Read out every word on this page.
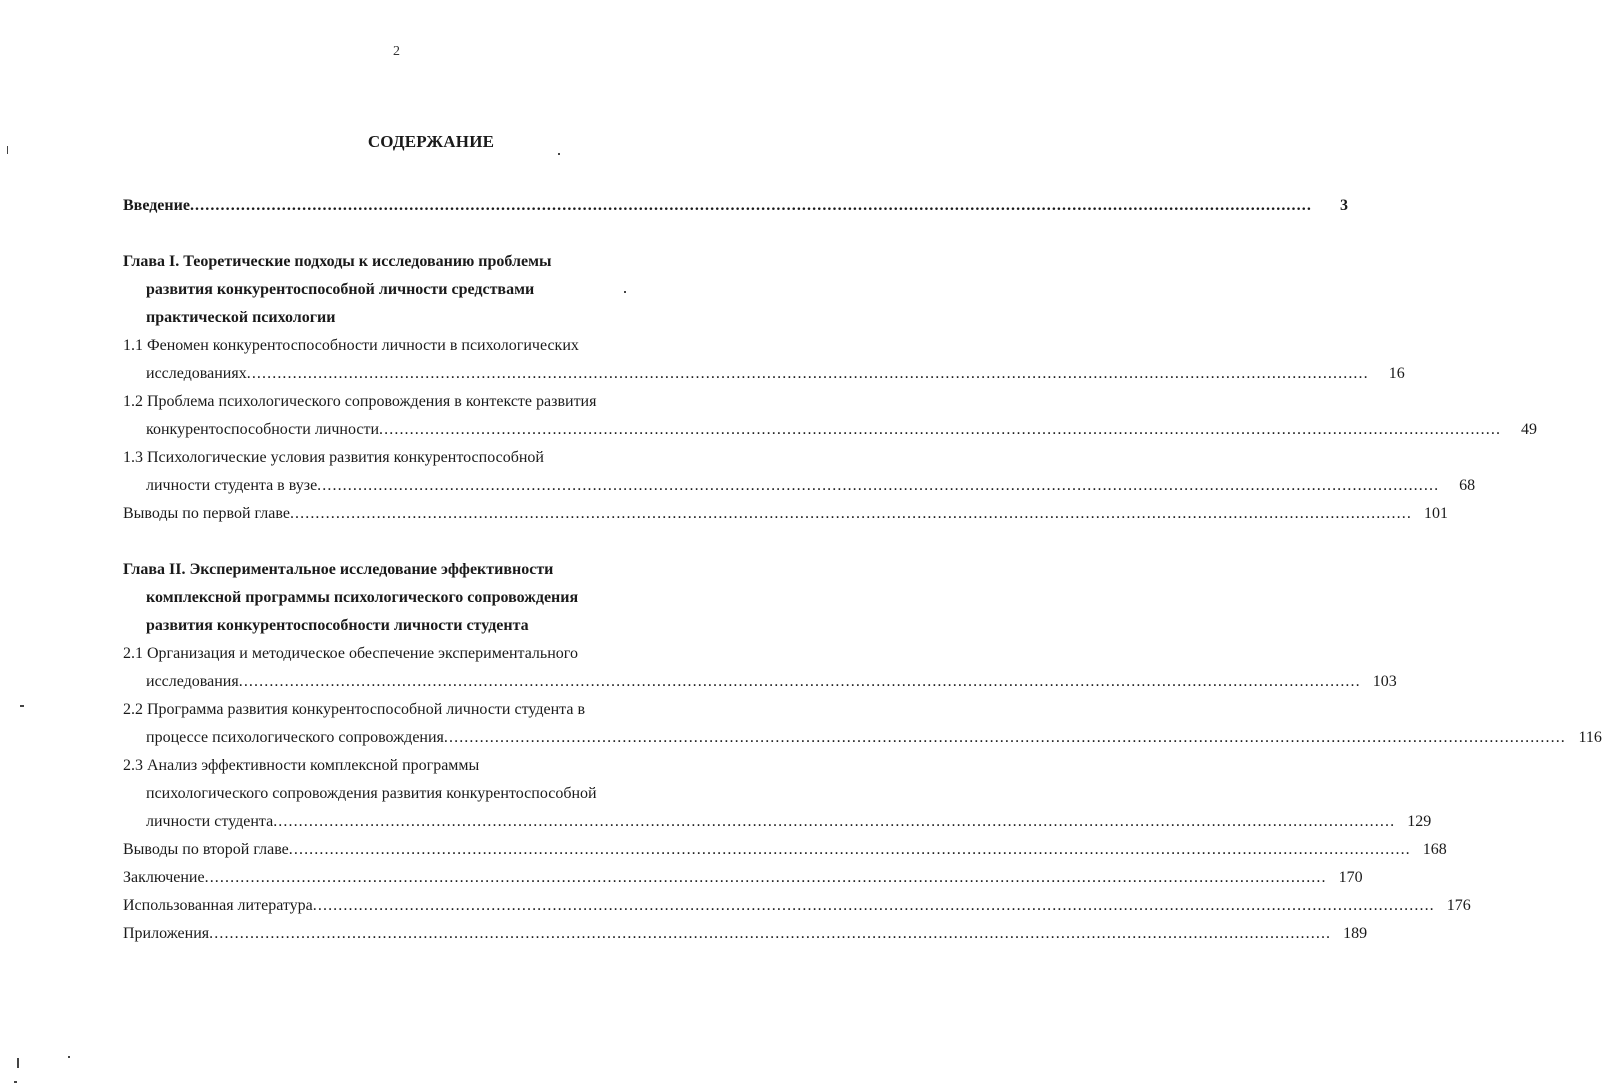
2
СОДЕРЖАНИЕ
Введение ............................................................................................................................................................................................................................	3
Глава I. Теоретические подходы к исследованию проблемы
развития конкурентоспособной личности средствами
практической психологии
1.1 Феномен конкурентоспособности личности в психологических
исследованиях ............................................................................................................................................................................................................................	16
1.2 Проблема психологического сопровождения в контексте развития
конкурентоспособности личности ............................................................................................................................................................................................................................	49
1.3 Психологические условия развития конкурентоспособной
личности студента в вузе ............................................................................................................................................................................................................................	68
Выводы по первой главе ............................................................................................................................................................................................................................ 101
Глава II. Экспериментальное исследование эффективности
комплексной программы психологического сопровождения
развития конкурентоспособности личности студента
2.1 Организация и методическое обеспечение экспериментального
исследования ............................................................................................................................................................................................................................ 103
2.2 Программа развития конкурентоспособной личности студента в
процессе психологического сопровождения ............................................................................................................................................................................................................................ 116
2.3 Анализ эффективности комплексной программы
психологического сопровождения развития конкурентоспособной
личности студента ............................................................................................................................................................................................................................ 129
Выводы по второй главе ............................................................................................................................................................................................................................ 168
Заключение ............................................................................................................................................................................................................................ 170
Использованная литература ............................................................................................................................................................................................................................ 176
Приложения ............................................................................................................................................................................................................................ 189
